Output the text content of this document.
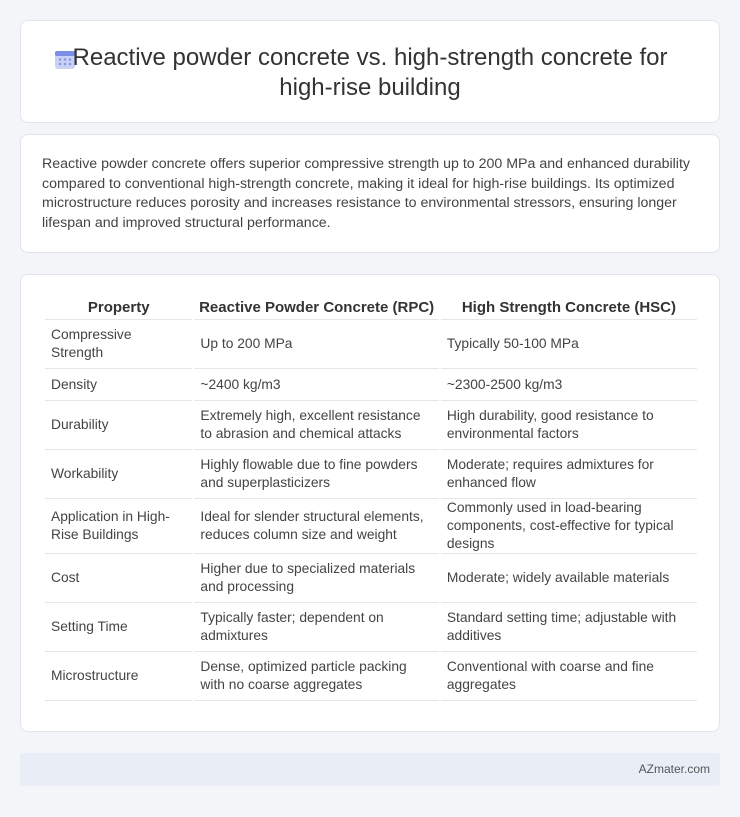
Reactive powder concrete vs. high-strength concrete for high-rise building

Reactive powder concrete offers superior compressive strength up to 200 MPa and enhanced durability compared to conventional high-strength concrete, making it ideal for high-rise buildings. Its optimized microstructure reduces porosity and increases resistance to environmental stressors, ensuring longer lifespan and improved structural performance.

Property	Reactive Powder Concrete (RPC)	High Strength Concrete (HSC)
Compressive Strength	Up to 200 MPa	Typically 50-100 MPa
Density	~2400 kg/m3	~2300-2500 kg/m3
Durability	Extremely high, excellent resistance to abrasion and chemical attacks	High durability, good resistance to environmental factors
Workability	Highly flowable due to fine powders and superplasticizers	Moderate; requires admixtures for enhanced flow
Application in High-Rise Buildings	Ideal for slender structural elements, reduces column size and weight	Commonly used in load-bearing components, cost-effective for typical designs
Cost	Higher due to specialized materials and processing	Moderate; widely available materials
Setting Time	Typically faster; dependent on admixtures	Standard setting time; adjustable with additives
Microstructure	Dense, optimized particle packing with no coarse aggregates	Conventional with coarse and fine aggregates
AZmater.com
